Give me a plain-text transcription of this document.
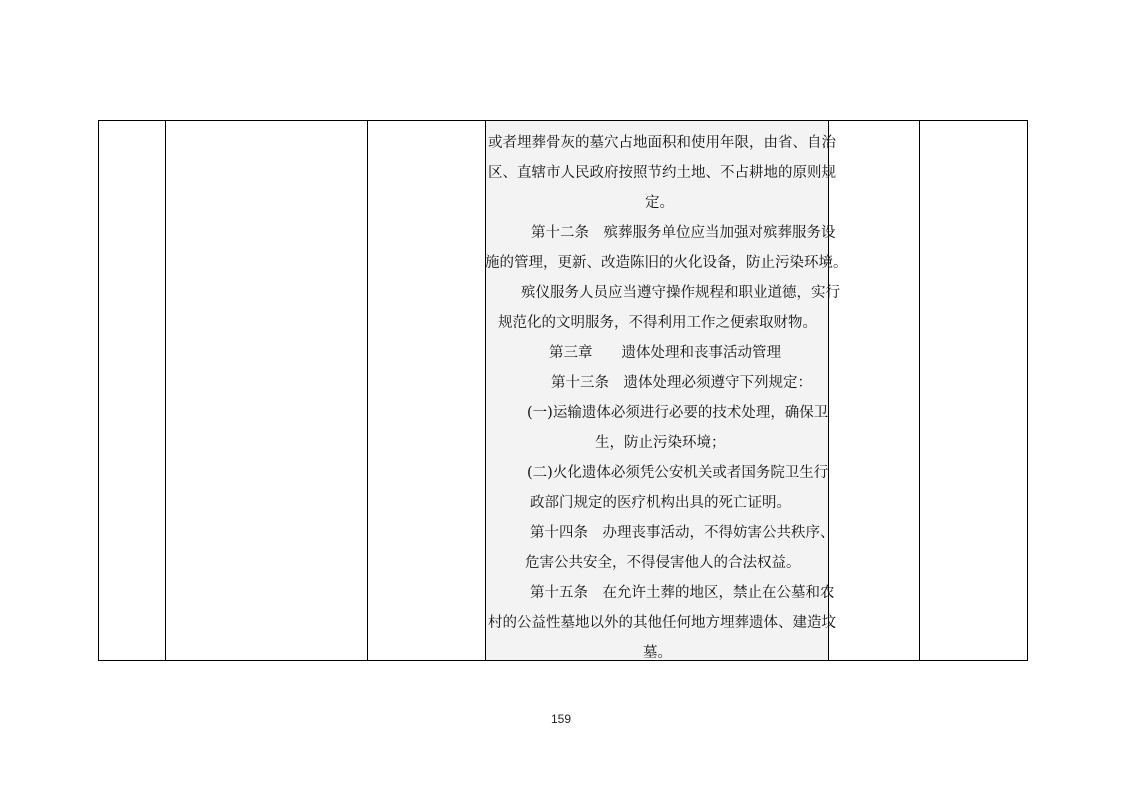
或者埋葬骨灰的墓穴占地面积和使用年限，由省、自治
区、直辖市人民政府按照节约土地、不占耕地的原则规
定。
第十二条　殡葬服务单位应当加强对殡葬服务设
施的管理，更新、改造陈旧的火化设备，防止污染环境。
殡仪服务人员应当遵守操作规程和职业道德，实行
规范化的文明服务，不得利用工作之便索取财物。
第三章　　遗体处理和丧事活动管理
第十三条　遗体处理必须遵守下列规定：
(一)运输遗体必须进行必要的技术处理，确保卫
生，防止污染环境；
(二)火化遗体必须凭公安机关或者国务院卫生行
政部门规定的医疗机构出具的死亡证明。
第十四条　办理丧事活动，不得妨害公共秩序、
危害公共安全，不得侵害他人的合法权益。
第十五条　在允许土葬的地区，禁止在公墓和农
村的公益性墓地以外的其他任何地方埋葬遗体、建造坟
墓。
159
